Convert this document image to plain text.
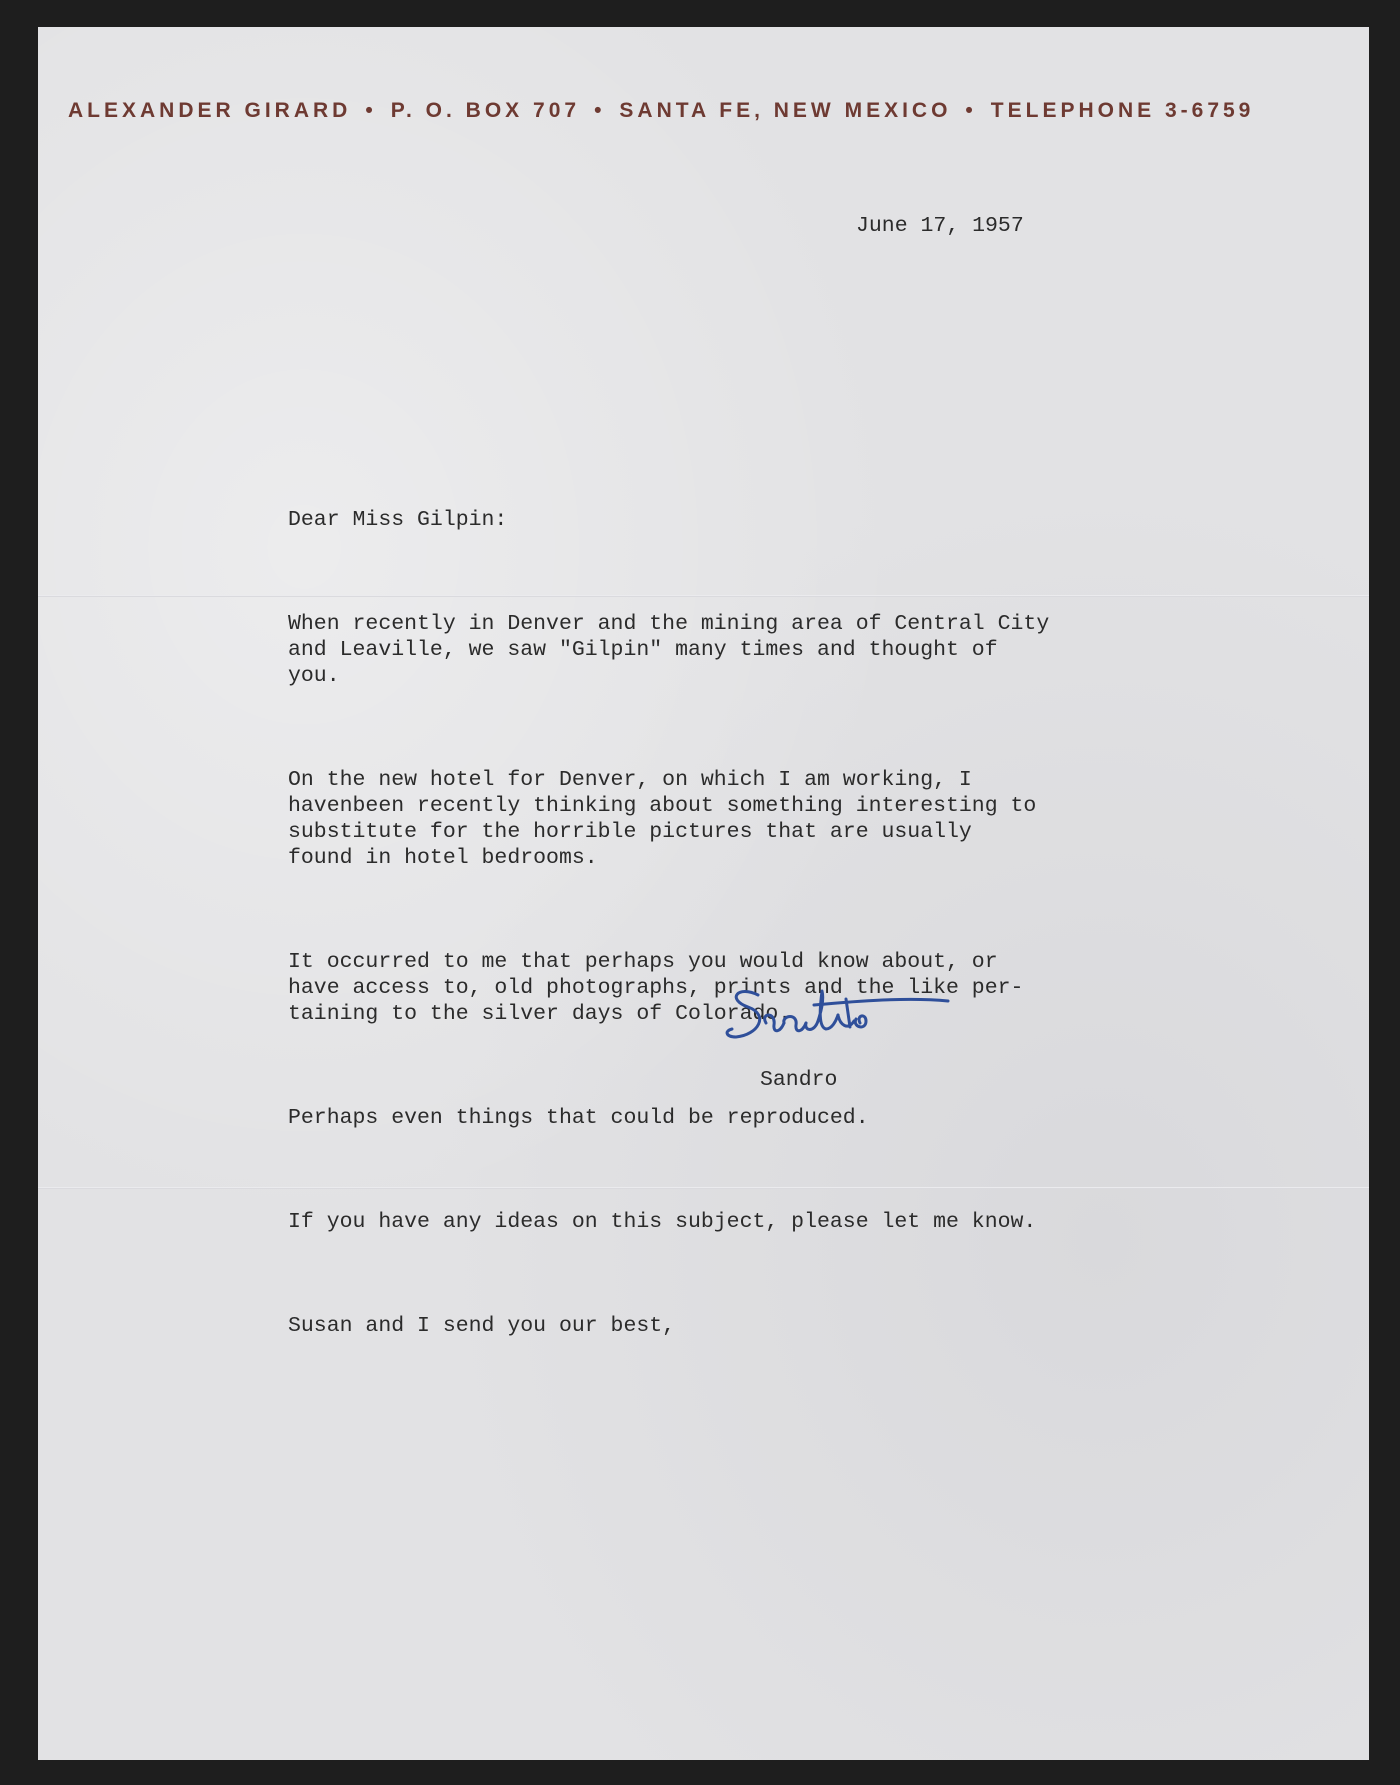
ALEXANDER GIRARD • P. O. BOX 707 • SANTA FE, NEW MEXICO • TELEPHONE 3-6759
June 17, 1957

Dear Miss Gilpin:

When recently in Denver and the mining area of Central City
and Leaville, we saw "Gilpin" many times and thought of
you.

On the new hotel for Denver, on which I am working, I
havenbeen recently thinking about something interesting to
substitute for the horrible pictures that are usually
found in hotel bedrooms.

It occurred to me that perhaps you would know about, or
have access to, old photographs, prints and the like per-
taining to the silver days of Colorado.

Perhaps even things that could be reproduced.

If you have any ideas on this subject, please let me know.

Susan and I send you our best,

Sandro
